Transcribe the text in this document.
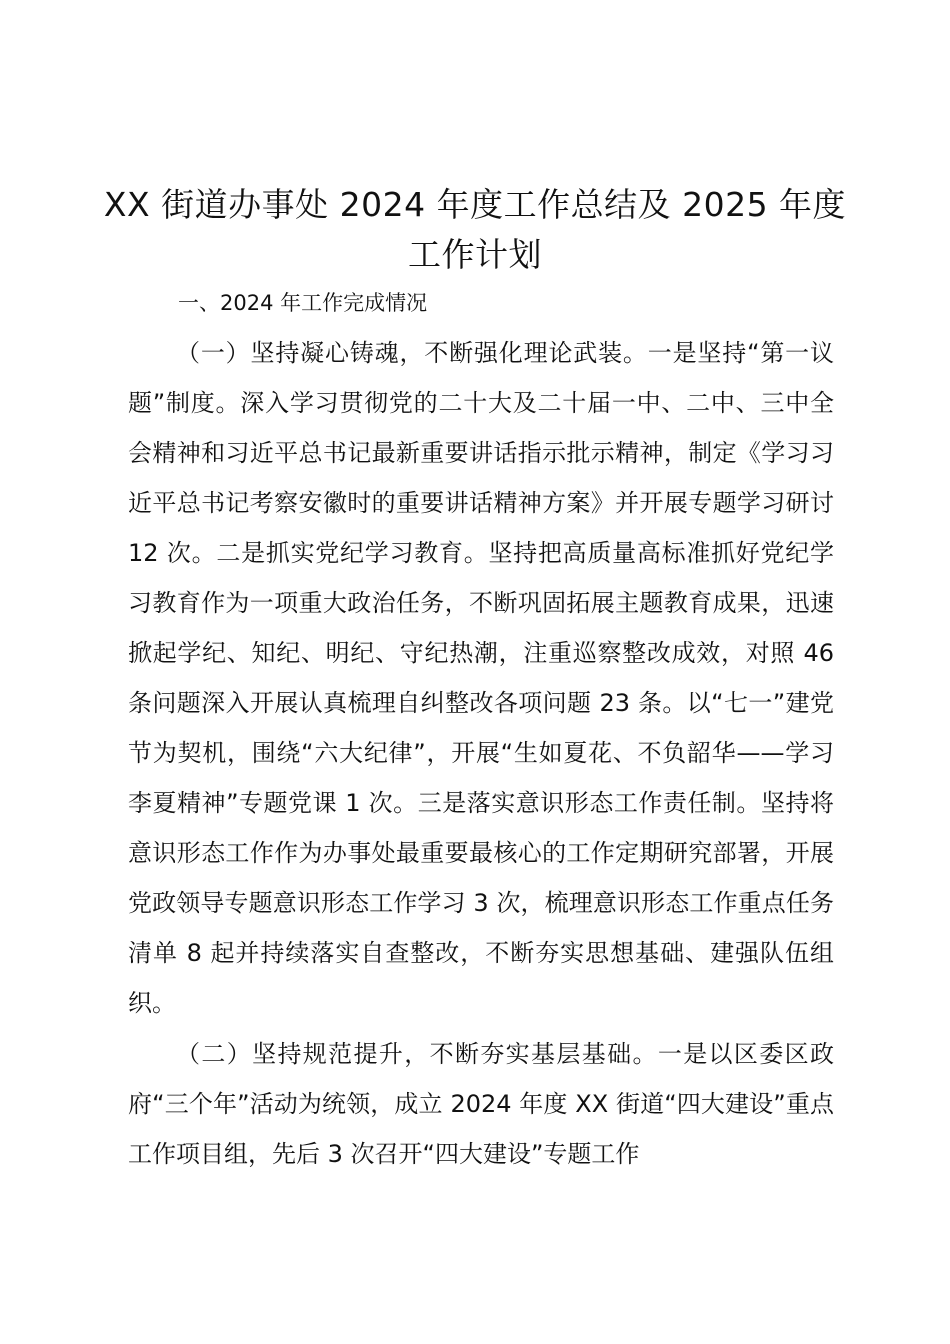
XX 街道办事处 2024 年度工作总结及 2025 年度工作计划
一、2024 年工作完成情况

（一）坚持凝心铸魂，不断强化理论武装。一是坚持“第一议题”制度。深入学习贯彻党的二十大及二十届一中、二中、三中全会精神和习近平总书记最新重要讲话指示批示精神，制定《学习习近平总书记考察安徽时的重要讲话精神方案》并开展专题学习研讨 12 次。二是抓实党纪学习教育。坚持把高质量高标准抓好党纪学习教育作为一项重大政治任务，不断巩固拓展主题教育成果，迅速掀起学纪、知纪、明纪、守纪热潮，注重巡察整改成效，对照 46 条问题深入开展认真梳理自纠整改各项问题 23 条。以“七一”建党节为契机，围绕“六大纪律”，开展“生如夏花、不负韶华——学习李夏精神”专题党课 1 次。三是落实意识形态工作责任制。坚持将意识形态工作作为办事处最重要最核心的工作定期研究部署，开展党政领导专题意识形态工作学习 3 次，梳理意识形态工作重点任务清单 8 起并持续落实自查整改，不断夯实思想基础、建强队伍组织。

（二）坚持规范提升，不断夯实基层基础。一是以区委区政府“三个年”活动为统领，成立 2024 年度 XX 街道“四大建设”重点工作项目组，先后 3 次召开“四大建设”专题工作
